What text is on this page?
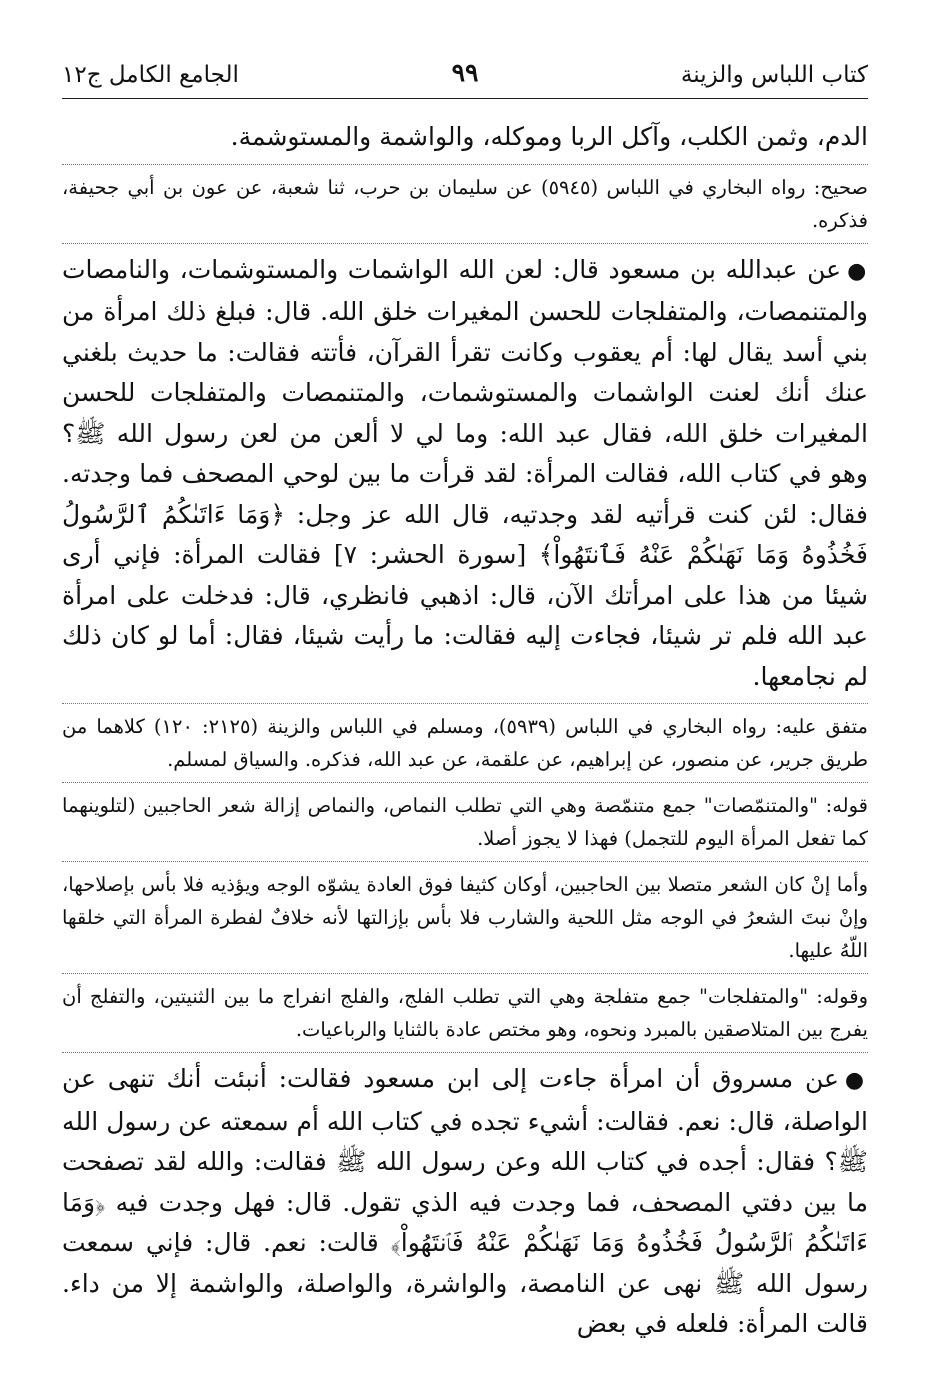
كتاب اللباس والزينة
٩٩
الجامع الكامل ج١٢

الدم، وثمن الكلب، وآكل الربا وموكله، والواشمة والمستوشمة.

صحيح: رواه البخاري في اللباس (٥٩٤٥) عن سليمان بن حرب، ثنا شعبة، عن عون بن أبي جحيفة، فذكره.

●عن عبدالله بن مسعود قال: لعن الله الواشمات والمستوشمات، والنامصات والمتنمصات، والمتفلجات للحسن المغيرات خلق الله. قال: فبلغ ذلك امرأة من بني أسد يقال لها: أم يعقوب وكانت تقرأ القرآن، فأتته فقالت: ما حديث بلغني عنك أنك لعنت الواشمات والمستوشمات، والمتنمصات والمتفلجات للحسن المغيرات خلق الله، فقال عبد الله: وما لي لا ألعن من لعن رسول الله ﷺ؟ وهو في كتاب الله، فقالت المرأة: لقد قرأت ما بين لوحي المصحف فما وجدته. فقال: لئن كنت قرأتيه لقد وجدتيه، قال الله عز وجل: ﴿وَمَا ءَاتَىٰكُمُ ٱلرَّسُولُ فَخُذُوهُ وَمَا نَهَىٰكُمْ عَنْهُ فَٱنتَهُواْ﴾ [سورة الحشر: ٧] فقالت المرأة: فإني أرى شيئا من هذا على امرأتك الآن، قال: اذهبي فانظري، قال: فدخلت على امرأة عبد الله فلم تر شيئا، فجاءت إليه فقالت: ما رأيت شيئا، فقال: أما لو كان ذلك لم نجامعها.

متفق عليه: رواه البخاري في اللباس (٥٩٣٩)، ومسلم في اللباس والزينة (٢١٢٥: ١٢٠) كلاهما من طريق جرير، عن منصور، عن إبراهيم، عن علقمة، عن عبد الله، فذكره. والسياق لمسلم.

قوله: "والمتنمّصات" جمع متنمّصة وهي التي تطلب النماص، والنماص إزالة شعر الحاجبين (لتلوينهما كما تفعل المرأة اليوم للتجمل) فهذا لا يجوز أصلا.

وأما إنْ كان الشعر متصلا بين الحاجبين، أوكان كثيفا فوق العادة يشوّه الوجه ويؤذيه فلا بأس بإصلاحها، وإنْ نبتَ الشعرُ في الوجه مثل اللحية والشارب فلا بأس بإزالتها لأنه خلافٌ لفطرة المرأة التي خلقها اللّهُ عليها.

وقوله: "والمتفلجات" جمع متفلجة وهي التي تطلب الفلج، والفلج انفراج ما بين الثنيتين، والتفلج أن يفرج بين المتلاصقين بالمبرد ونحوه، وهو مختص عادة بالثنايا والرباعيات.

●عن مسروق أن امرأة جاءت إلى ابن مسعود فقالت: أنبئت أنك تنهى عن الواصلة، قال: نعم. فقالت: أشيء تجده في كتاب الله أم سمعته عن رسول الله ﷺ؟ فقال: أجده في كتاب الله وعن رسول الله ﷺ فقالت: والله لقد تصفحت ما بين دفتي المصحف، فما وجدت فيه الذي تقول. قال: فهل وجدت فيه ﴿وَمَا ءَاتَىٰكُمُ ٱلرَّسُولُ فَخُذُوهُ وَمَا نَهَىٰكُمْ عَنْهُ فَٱنتَهُواْ﴾ قالت: نعم. قال: فإني سمعت رسول الله ﷺ نهى عن النامصة، والواشرة، والواصلة، والواشمة إلا من داء. قالت المرأة: فلعله في بعض
